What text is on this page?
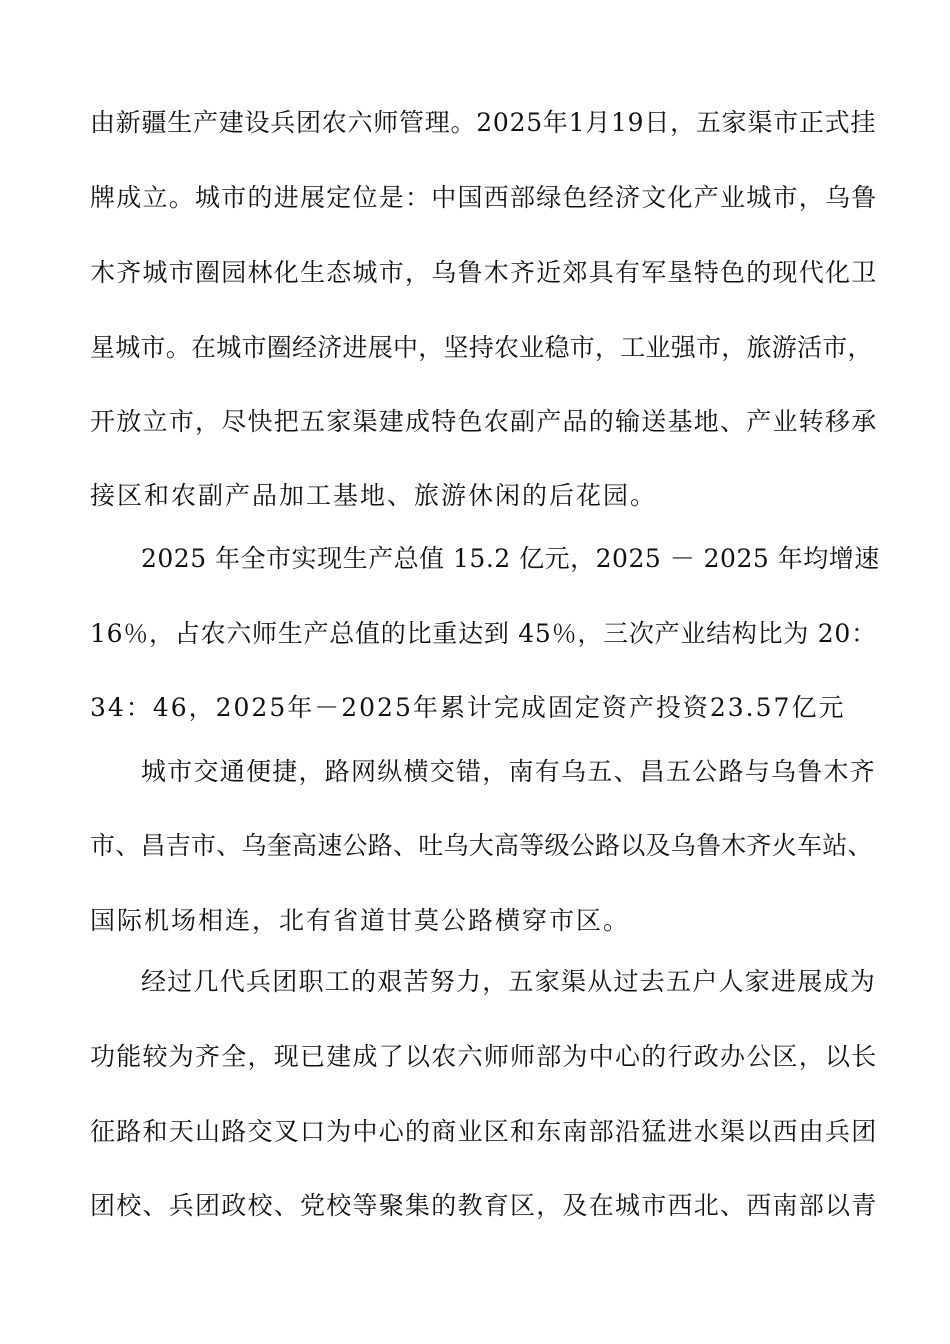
由新疆生产建设兵团农六师管理。2025年1月19日，五家渠市正式挂
牌成立。城市的进展定位是：中国西部绿色经济文化产业城市，乌鲁
木齐城市圈园林化生态城市，乌鲁木齐近郊具有军垦特色的现代化卫
星城市。在城市圈经济进展中，坚持农业稳市，工业强市，旅游活市，
开放立市，尽快把五家渠建成特色农副产品的输送基地、产业转移承
接区和农副产品加工基地、旅游休闲的后花园。
2025 年全市实现生产总值 15.2 亿元，2025 － 2025 年均增速
16％，占农六师生产总值的比重达到 45％，三次产业结构比为 20：
34：46，2025年－2025年累计完成固定资产投资23.57亿元
城市交通便捷，路网纵横交错，南有乌五、昌五公路与乌鲁木齐
市、昌吉市、乌奎高速公路、吐乌大高等级公路以及乌鲁木齐火车站、
国际机场相连，北有省道甘莫公路横穿市区。
经过几代兵团职工的艰苦努力，五家渠从过去五户人家进展成为
功能较为齐全，现已建成了以农六师师部为中心的行政办公区，以长
征路和天山路交叉口为中心的商业区和东南部沿猛进水渠以西由兵团
团校、兵团政校、党校等聚集的教育区，及在城市西北、西南部以青
